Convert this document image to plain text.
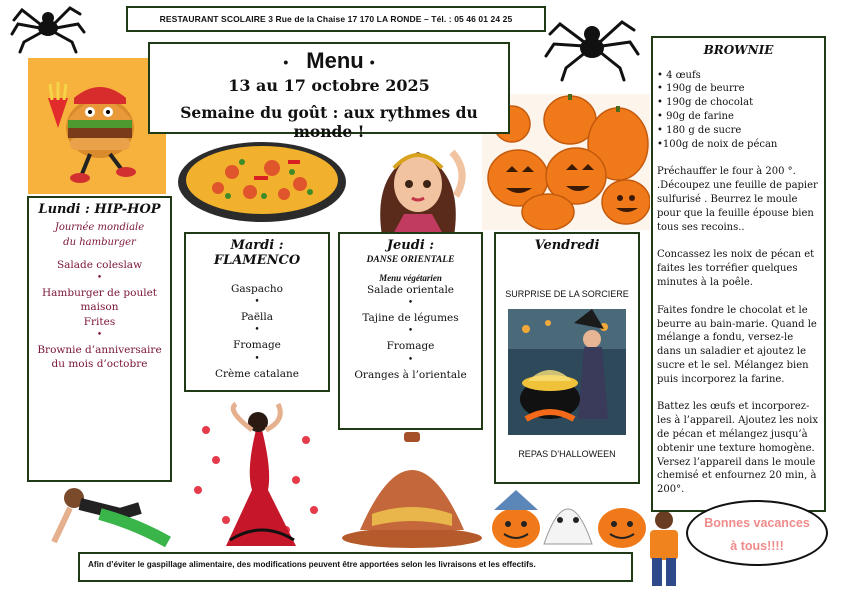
RESTAURANT SCOLAIRE 3 Rue de la Chaise 17 170 LA RONDE – Tél. : 05 46 01 24 25
• Menu •
13 au 17 octobre 2025
Semaine du goût : aux rythmes du monde !
Lundi : HIP-HOP
Journée mondiale
du hamburger
Salade coleslaw
•
Hamburger de poulet maison
Frites
•
Brownie d’anniversaire du mois d’octobre
Mardi : FLAMENCO
Gaspacho
•
Paëlla
•
Fromage
•
Crème catalane
Jeudi :
DANSE ORIENTALE
Menu végétarien
Salade orientale
•
Tajine de légumes
•
Fromage
•
Oranges à l’orientale
Vendredi
SURPRISE DE LA SORCIERE
REPAS D’HALLOWEEN
BROWNIE
• 4 œufs
• 190g de beurre
• 190g de chocolat
• 90g de farine
• 180 g de sucre
•100g de noix de pécan

Préchauffer le four à 200 °. .Découpez une feuille de papier sulfurisé . Beurrez le moule pour que la feuille épouse bien tous ses recoins..

Concassez les noix de pécan et faites les torréfier quelques minutes à la poêle.

Faites fondre le chocolat et le beurre au bain-marie. Quand le mélange a fondu, versez-le dans un saladier et ajoutez le sucre et le sel. Mélangez bien puis incorporez la farine.

Battez les œufs et incorporez-les à l’appareil. Ajoutez les noix de pécan et mélangez jusqu’à obtenir une texture homogène. Versez l’appareil dans le moule chemisé et enfournez 20 min, à 200°.

Afin d’éviter le gaspillage alimentaire, des modifications peuvent être apportées selon les livraisons et les effectifs.
Bonnes vacances
à tous!!!!
